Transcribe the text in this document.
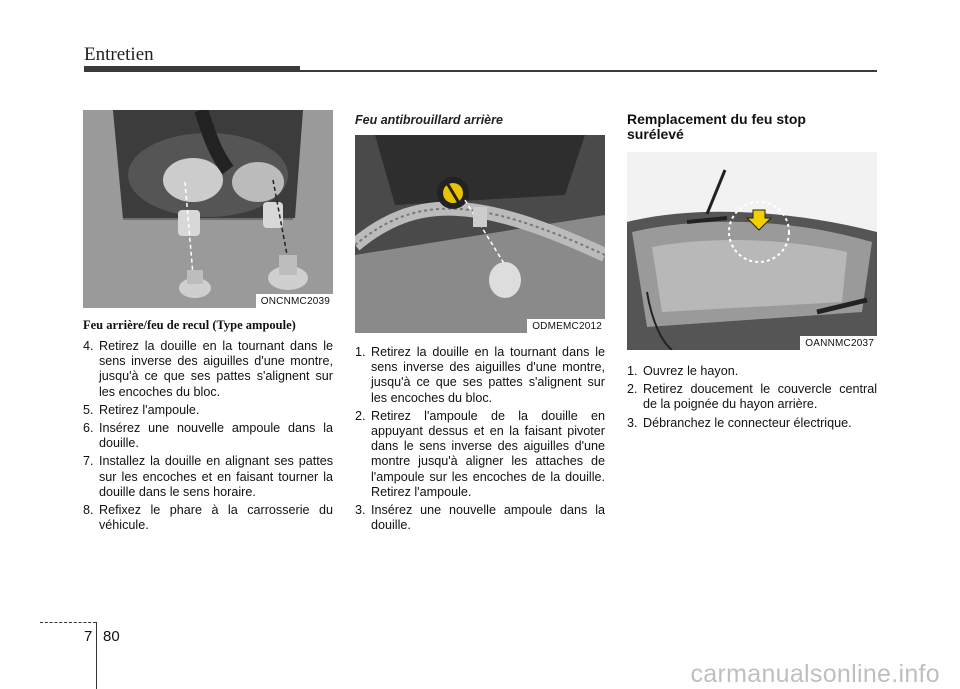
Entretien
ONCNMC2039
Feu arrière/feu de recul (Type ampoule)
4. Retirez la douille en la tournant dans le sens inverse des aiguilles d'une montre, jusqu'à ce que ses pattes s'alignent sur les encoches du bloc.
5. Retirez l'ampoule.
6. Insérez une nouvelle ampoule dans la douille.
7. Installez la douille en alignant ses pattes sur les encoches et en faisant tourner la douille dans le sens horaire.
8. Refixez le phare à la carrosserie du véhicule.
Feu antibrouillard arrière
ODMEMC2012
1. Retirez la douille en la tournant dans le sens inverse des aiguilles d'une montre, jusqu'à ce que ses pattes s'alignent sur les encoches du bloc.
2. Retirez l'ampoule de la douille en appuyant dessus et en la faisant pivoter dans le sens inverse des aiguilles d'une montre jusqu'à aligner les attaches de l'ampoule sur les encoches de la douille. Retirez l'ampoule.
3. Insérez une nouvelle ampoule dans la douille.
Remplacement du feu stop
surélevé
OANNMC2037
1. Ouvrez le hayon.
2. Retirez doucement le couvercle central de la poignée du hayon arrière.
3. Débranchez le connecteur électrique.
7 80
carmanualsonline.info
